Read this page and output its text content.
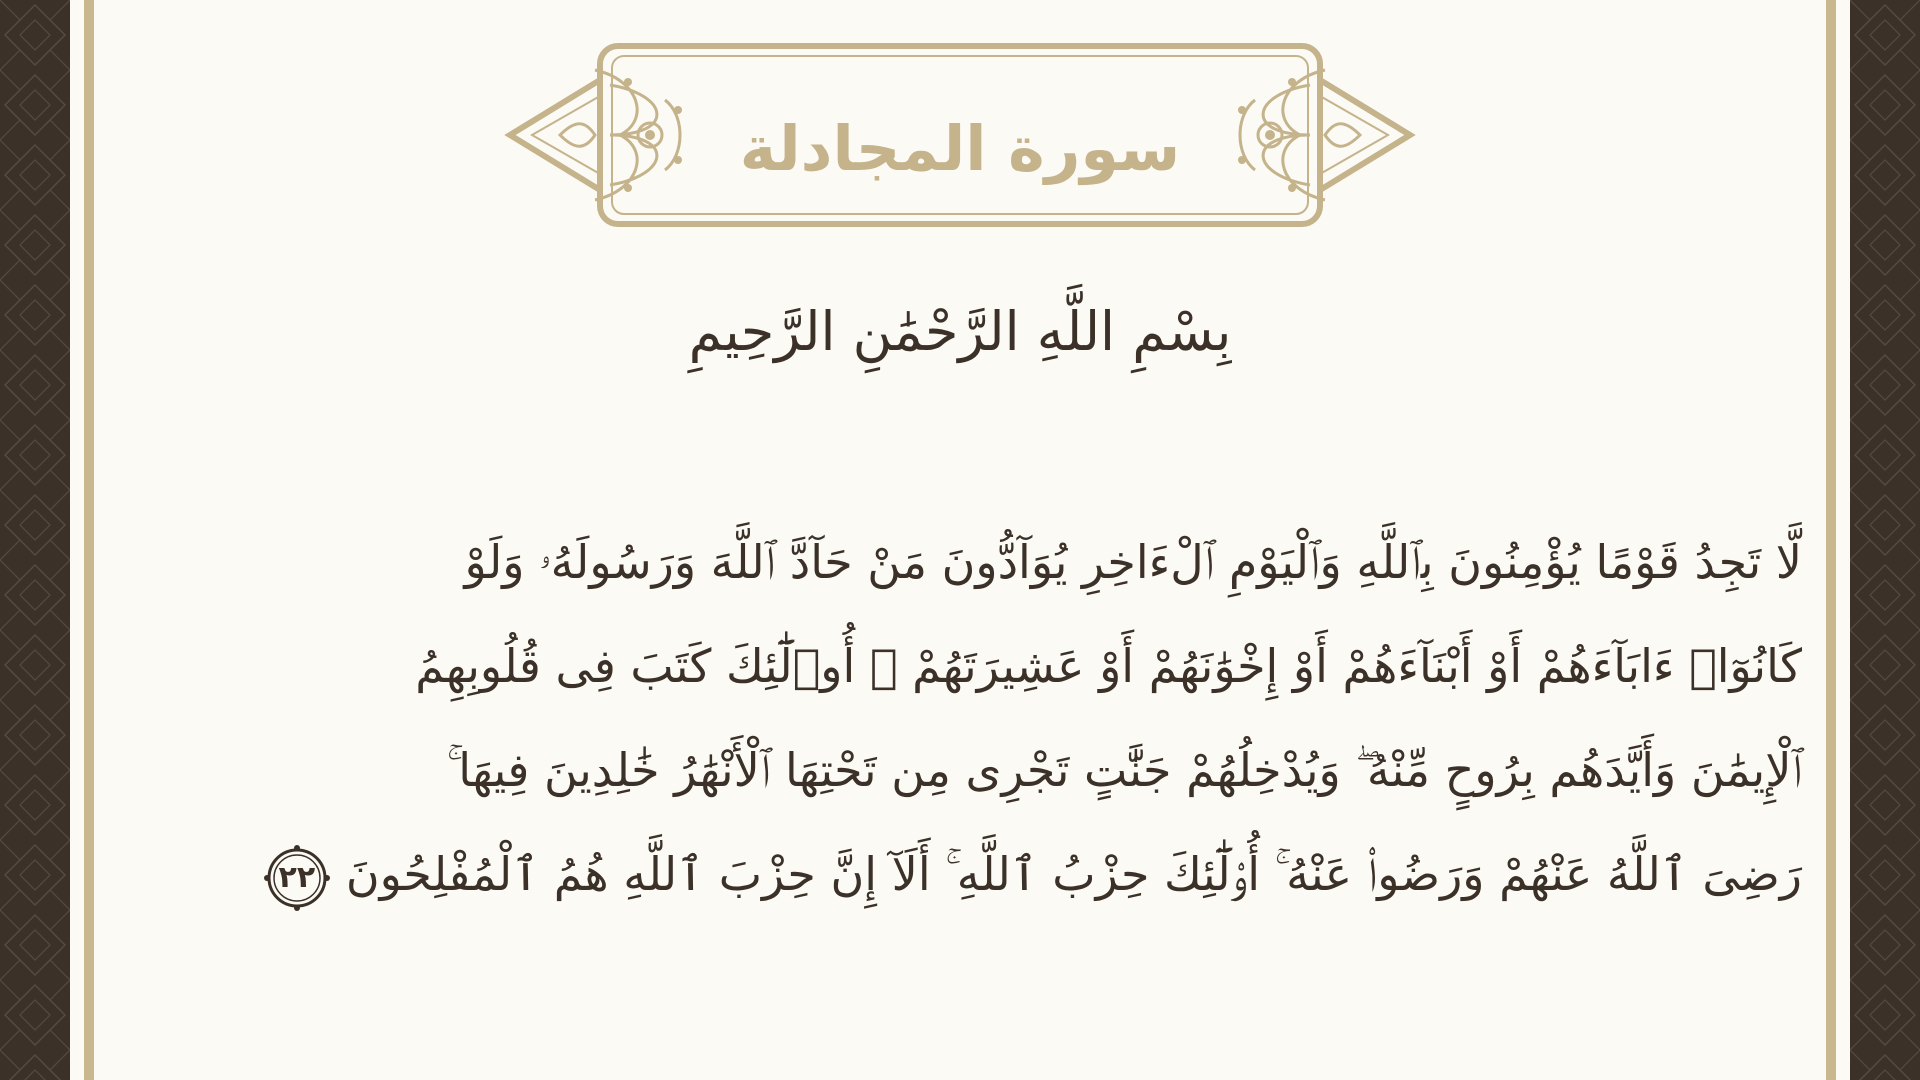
سورة المجادلة
بِسْمِ اللَّهِ الرَّحْمَٰنِ الرَّحِيمِ
لَّا تَجِدُ قَوْمًا يُؤْمِنُونَ بِٱللَّهِ وَٱلْيَوْمِ ٱلْءَاخِرِ يُوَآدُّونَ مَنْ حَآدَّ ٱللَّهَ وَرَسُولَهُۥ وَلَوْ
كَانُوٓا۟ ءَابَآءَهُمْ أَوْ أَبْنَآءَهُمْ أَوْ إِخْوَٰنَهُمْ أَوْ عَشِيرَتَهُمْ ۚ أُو۟لَٰٓئِكَ كَتَبَ فِى قُلُوبِهِمُ
ٱلْإِيمَٰنَ وَأَيَّدَهُم بِرُوحٍ مِّنْهُ ۖ وَيُدْخِلُهُمْ جَنَّٰتٍ تَجْرِى مِن تَحْتِهَا ٱلْأَنْهَٰرُ خَٰلِدِينَ فِيهَا ۚ
رَضِىَ ٱللَّهُ عَنْهُمْ وَرَضُوا۟ عَنْهُ ۚ أُو۟لَٰٓئِكَ حِزْبُ ٱللَّهِ ۚ أَلَآ إِنَّ حِزْبَ ٱللَّهِ هُمُ ٱلْمُفْلِحُونَ
٢٢
